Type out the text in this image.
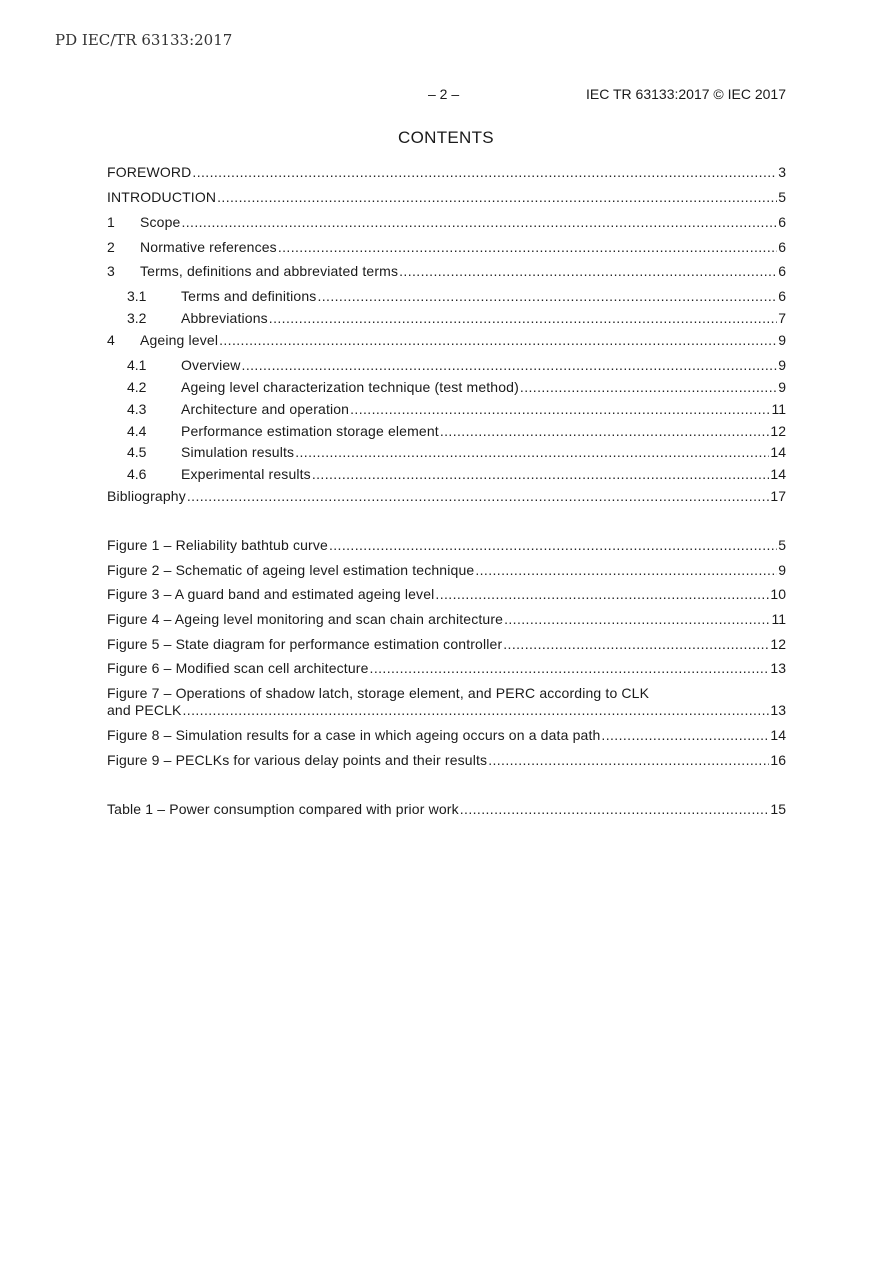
PD IEC/TR 63133:2017
– 2 –	IEC TR 63133:2017 © IEC 2017
CONTENTS
FOREWORD .....	3
INTRODUCTION .....	5
1	Scope .....	6
2	Normative references .....	6
3	Terms, definitions and abbreviated terms .....	6
3.1	Terms and definitions .....	6
3.2	Abbreviations .....	7
4	Ageing level .....	9
4.1	Overview .....	9
4.2	Ageing level characterization technique (test method) .....	9
4.3	Architecture and operation .....	11
4.4	Performance estimation storage element .....	12
4.5	Simulation results .....	14
4.6	Experimental results .....	14
Bibliography .....	17
Figure 1 – Reliability bathtub curve .....	5
Figure 2 – Schematic of ageing level estimation technique .....	9
Figure 3 – A guard band and estimated ageing level .....	10
Figure 4 – Ageing level monitoring and scan chain architecture .....	11
Figure 5 – State diagram for performance estimation controller .....	12
Figure 6 – Modified scan cell architecture .....	13
Figure 7 – Operations of shadow latch, storage element, and PERC according to CLK
and PECLK .....	13
Figure 8 – Simulation results for a case in which ageing occurs on a data path .....	14
Figure 9 – PECLKs for various delay points and their results .....	16
Table 1 – Power consumption compared with prior work .....	15
